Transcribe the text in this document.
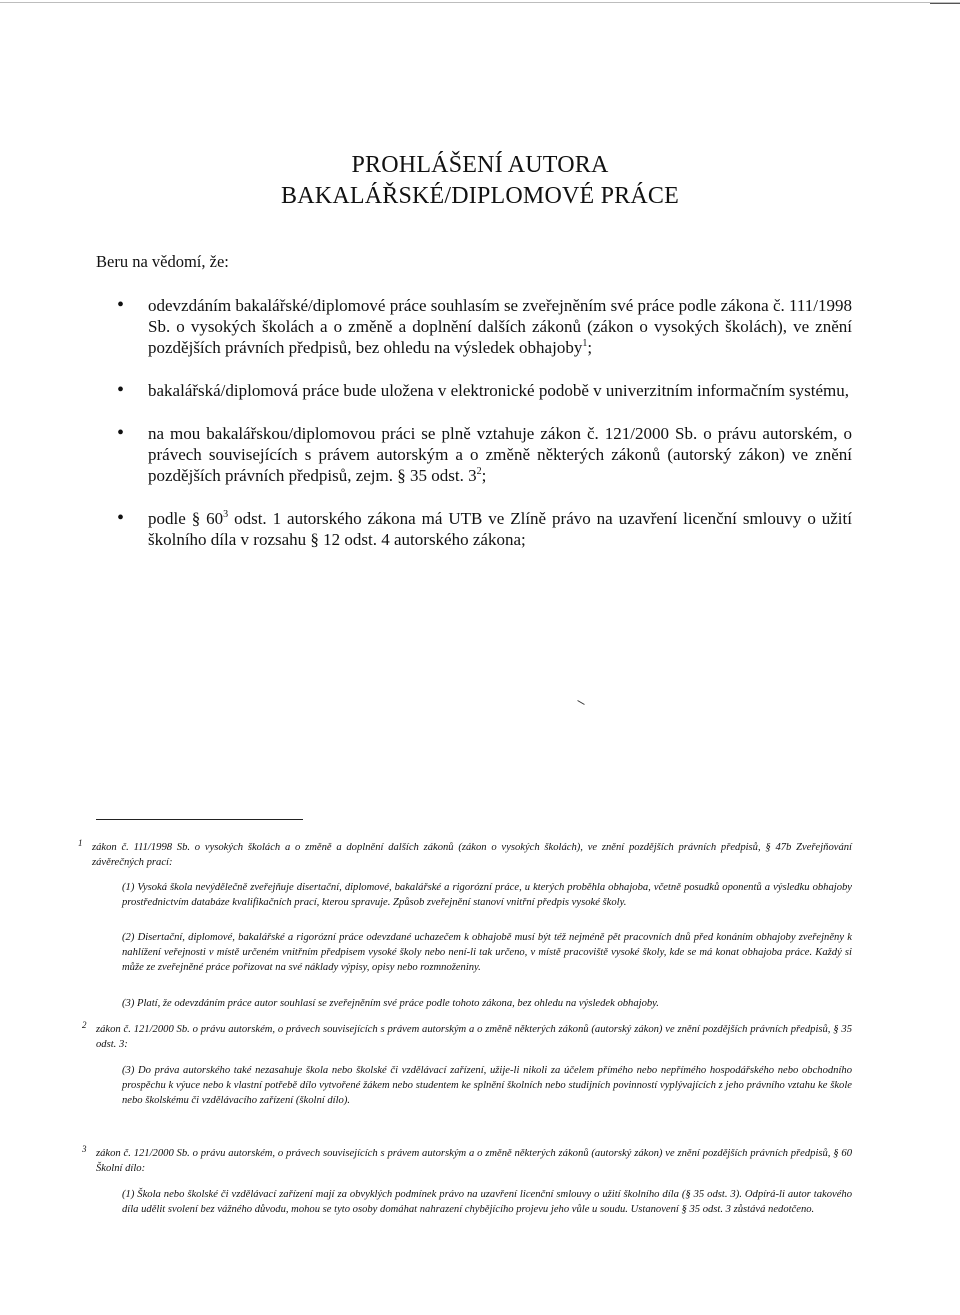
PROHLÁŠENÍ AUTORA
BAKALÁŘSKÉ/DIPLOMOVÉ PRÁCE
Beru na vědomí, že:
• odevzdáním bakalářské/diplomové práce souhlasím se zveřejněním své práce podle zákona č. 111/1998 Sb. o vysokých školách a o změně a doplnění dalších zákonů (zákon o vysokých školách), ve znění pozdějších právních předpisů, bez ohledu na výsledek obhajoby$^1$;
• bakalářská/diplomová práce bude uložena v elektronické podobě v univerzitním informačním systému,
• na mou bakalářskou/diplomovou práci se plně vztahuje zákon č. 121/2000 Sb. o právu autorském, o právech souvisejících s právem autorským a o změně některých zákonů (autorský zákon) ve znění pozdějších právních předpisů, zejm. § 35 odst. $3^2$;
• podle § $60^3$ odst. 1 autorského zákona má UTB ve Zlíně právo na uzavření licenční smlouvy o užití školního díla v rozsahu § 12 odst. 4 autorského zákona;
1 zákon č. 111/1998 Sb. o vysokých školách a o změně a doplnění dalších zákonů (zákon o vysokých školách), ve znění pozdějších právních předpisů, § 47b Zveřejňování závěrečných prací:
(1) Vysoká škola nevýdělečně zveřejňuje disertační, diplomové, bakalářské a rigorózní práce, u kterých proběhla obhajoba, včetně posudků oponentů a výsledku obhajoby prostřednictvím databáze kvalifikačních prací, kterou spravuje. Způsob zveřejnění stanoví vnitřní předpis vysoké školy.
(2) Disertační, diplomové, bakalářské a rigorózní práce odevzdané uchazečem k obhajobě musí být též nejméně pět pracovních dnů před konáním obhajoby zveřejněny k nahlížení veřejnosti v místě určeném vnitřním předpisem vysoké školy nebo není-li tak určeno, v místě pracoviště vysoké školy, kde se má konat obhajoba práce. Každý si může ze zveřejněné práce pořizovat na své náklady výpisy, opisy nebo rozmnoženiny.
(3) Platí, že odevzdáním práce autor souhlasí se zveřejněním své práce podle tohoto zákona, bez ohledu na výsledek obhajoby.
2 zákon č. 121/2000 Sb. o právu autorském, o právech souvisejících s právem autorským a o změně některých zákonů (autorský zákon) ve znění pozdějších právních předpisů, § 35 odst. 3:
(3) Do práva autorského také nezasahuje škola nebo školské či vzdělávací zařízení, užije-li nikoli za účelem přímého nebo nepřímého hospodářského nebo obchodního prospěchu k výuce nebo k vlastní potřebě dílo vytvořené žákem nebo studentem ke splnění školních nebo studijních povinností vyplývajících z jeho právního vztahu ke škole nebo školskému či vzdělávacího zařízení (školní dílo).
3 zákon č. 121/2000 Sb. o právu autorském, o právech souvisejících s právem autorským a o změně některých zákonů (autorský zákon) ve znění pozdějších právních předpisů, § 60 Školní dílo:
(1) Škola nebo školské či vzdělávací zařízení mají za obvyklých podmínek právo na uzavření licenční smlouvy o užití školního díla (§ 35 odst. 3). Odpírá-li autor takového díla udělit svolení bez vážného důvodu, mohou se tyto osoby domáhat nahrazení chybějícího projevu jeho vůle u soudu. Ustanovení § 35 odst. 3 zůstává nedotčeno.
